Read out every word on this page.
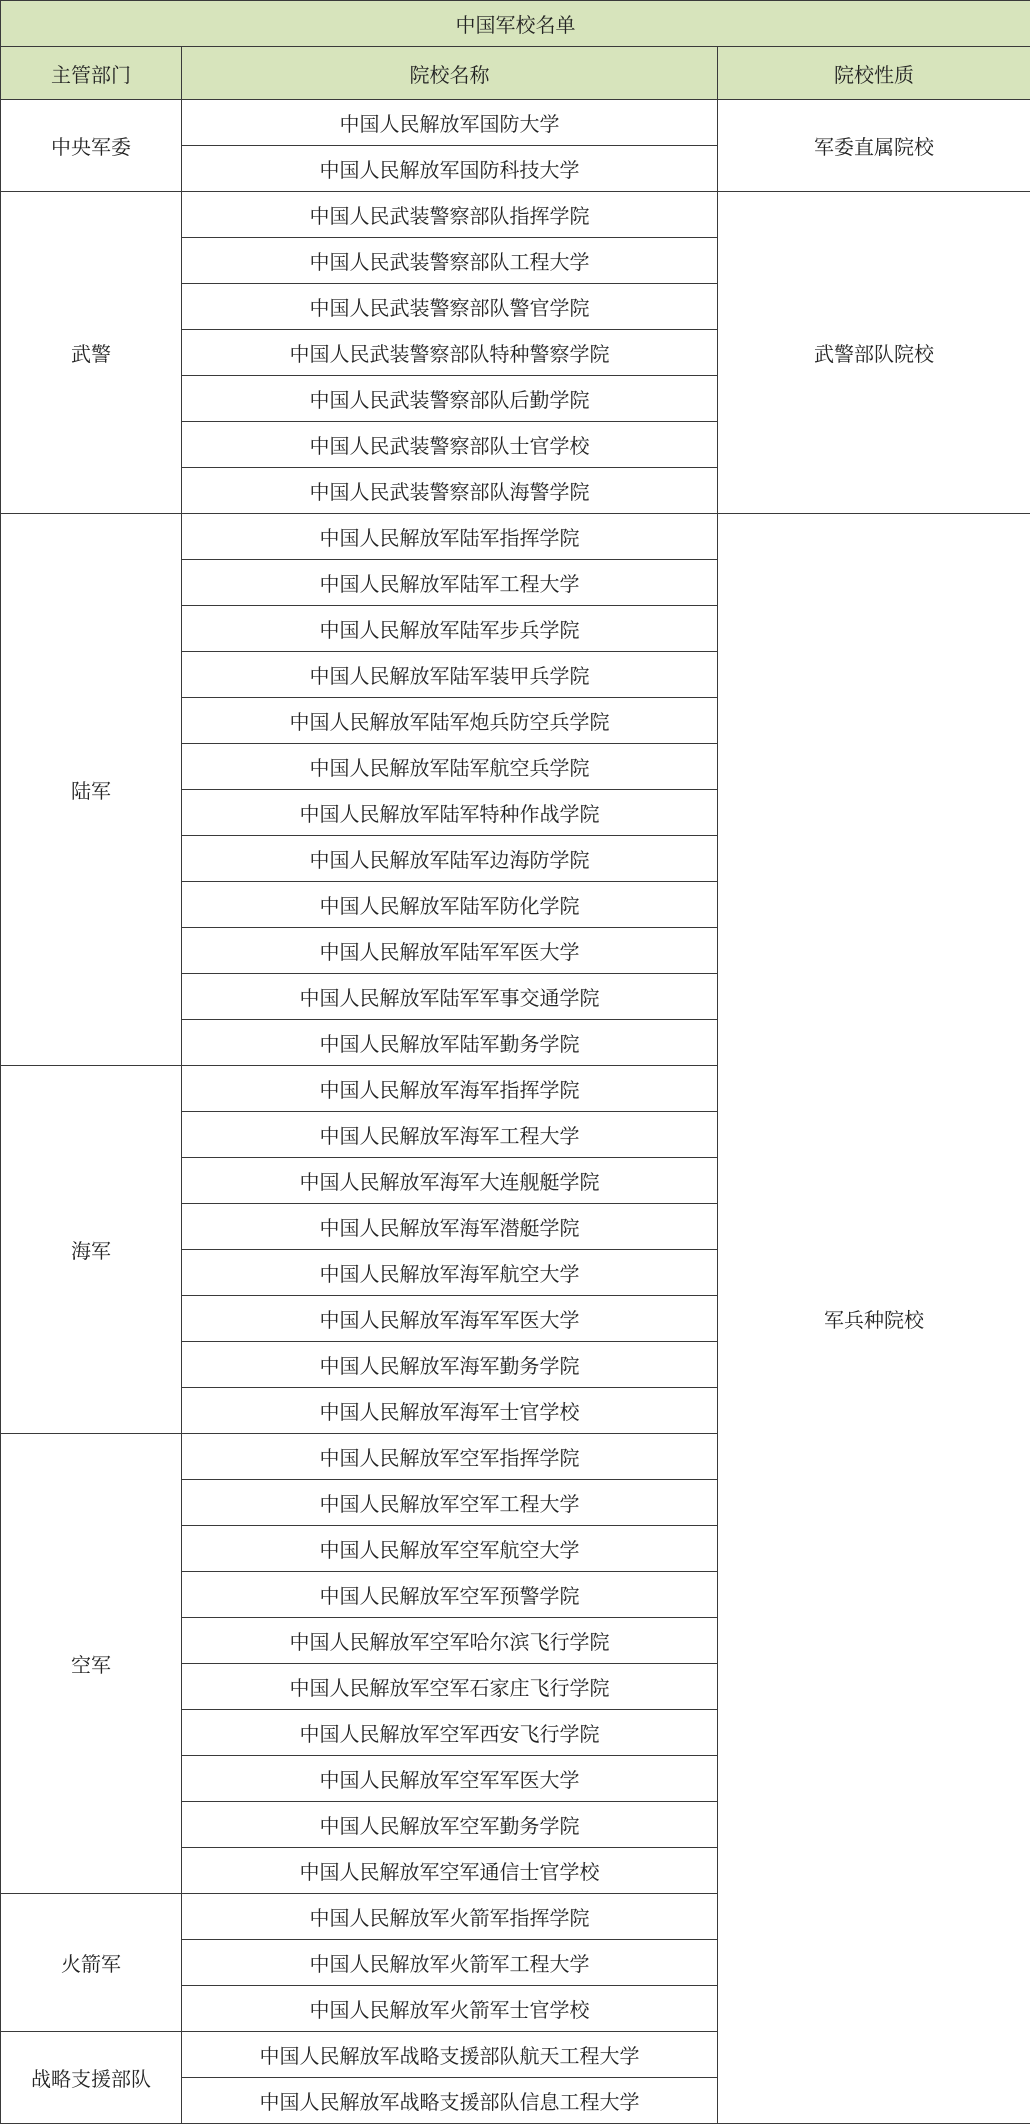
中国军校名单		
主管部门	院校名称	院校性质
中央军委	中国人民解放军国防大学	军委直属院校
	中国人民解放军国防科技大学	
武警	中国人民武装警察部队指挥学院	武警部队院校
	中国人民武装警察部队工程大学	
	中国人民武装警察部队警官学院	
	中国人民武装警察部队特种警察学院	
	中国人民武装警察部队后勤学院	
	中国人民武装警察部队士官学校	
	中国人民武装警察部队海警学院	
陆军	中国人民解放军陆军指挥学院	军兵种院校
	中国人民解放军陆军工程大学	
	中国人民解放军陆军步兵学院	
	中国人民解放军陆军装甲兵学院	
	中国人民解放军陆军炮兵防空兵学院	
	中国人民解放军陆军航空兵学院	
	中国人民解放军陆军特种作战学院	
	中国人民解放军陆军边海防学院	
	中国人民解放军陆军防化学院	
	中国人民解放军陆军军医大学	
	中国人民解放军陆军军事交通学院	
	中国人民解放军陆军勤务学院	
海军	中国人民解放军海军指挥学院	
	中国人民解放军海军工程大学	
	中国人民解放军海军大连舰艇学院	
	中国人民解放军海军潜艇学院	
	中国人民解放军海军航空大学	
	中国人民解放军海军军医大学	
	中国人民解放军海军勤务学院	
	中国人民解放军海军士官学校	
空军	中国人民解放军空军指挥学院	
	中国人民解放军空军工程大学	
	中国人民解放军空军航空大学	
	中国人民解放军空军预警学院	
	中国人民解放军空军哈尔滨飞行学院	
	中国人民解放军空军石家庄飞行学院	
	中国人民解放军空军西安飞行学院	
	中国人民解放军空军军医大学	
	中国人民解放军空军勤务学院	
	中国人民解放军空军通信士官学校	
火箭军	中国人民解放军火箭军指挥学院	
	中国人民解放军火箭军工程大学	
	中国人民解放军火箭军士官学校	
战略支援部队	中国人民解放军战略支援部队航天工程大学	
	中国人民解放军战略支援部队信息工程大学	
